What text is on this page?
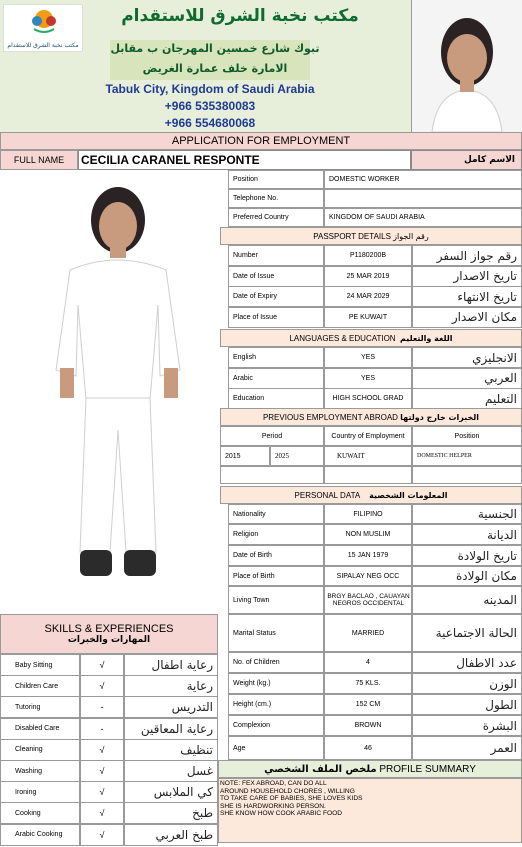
مكتب نخبة الشرق للاستقدام
مكتب نخبة الشرق للاستقدام
تبوك شارع خمسين المهرجان ب مقابل
الامارة خلف عمارة الغريض
Tabuk City, Kingdom of Saudi Arabia
+966 535380083
+966 554680068
APPLICATION FOR EMPLOYMENT
FULL NAME	CECILIA CARANEL RESPONTE	الاسم كامل
Position	DOMESTIC WORKER
Telephone No.
Preferred Country	KINGDOM OF SAUDI ARABIA
PASSPORT DETAILS
رقم الجواز
Number	P1180200B	رقم جواز السفر
Date of Issue	25 MAR 2019	تاريخ الاصدار
Date of Expiry	24 MAR 2029	تاريخ الانتهاء
Place of Issue	PE KUWAIT	مكان الاصدار
LANGUAGES & EDUCATION
اللغة والتعليم
English	YES	الانجليزي
Arabic	YES	العربي
Education	HIGH SCHOOL GRAD	التعليم
PREVIOUS EMPLOYMENT ABROAD
الخبرات خارج دولتها
Period	Country of Employment	Position
2015	2025	KUWAIT	DOMESTIC HELPER
PERSONAL DATA
المعلومات الشخصية
Nationality	FILIPINO	الجنسية
Religion	NON MUSLIM	الديانة
Date of Birth	15 JAN 1979	تاريخ الولادة
Place of Birth	SIPALAY NEG OCC	مكان الولادة
Living Town	BRGY BACLAO , CAUAYAN NEGROS OCCIDENTAL	المدينه
Marital Status	MARRIED	الحالة الاجتماعية
No. of Children	4	عدد الاطفال
Weight (kg.)	75 KLS.	الوزن
Height (cm.)	152 CM	الطول
Complexion	BROWN	البشرة
Age	46	العمر
SKILLS & EXPERIENCES
المهارات والخبرات
Baby Sitting	√	رعاية اطفال
Children Care	√	رعاية
Tutoring	-	التدريس
Disabled Care	-	رعاية المعاقين
Cleaning	√	تنظيف
Washing	√	غسل
Ironing	√	كي الملابس
Cooking	√	طبخ
Arabic Cooking	√	طبخ العربي
ملخص الملف الشخصي
PROFILE SUMMARY
NOTE: FEX ABROAD, CAN DO ALL
AROUND HOUSEHOLD CHORES , WILLING
TO TAKE CARE OF BABIES, SHE LOVES KIDS
SHE IS HARDWORKING PERSON.
SHE KNOW HOW COOK ARABIC FOOD
